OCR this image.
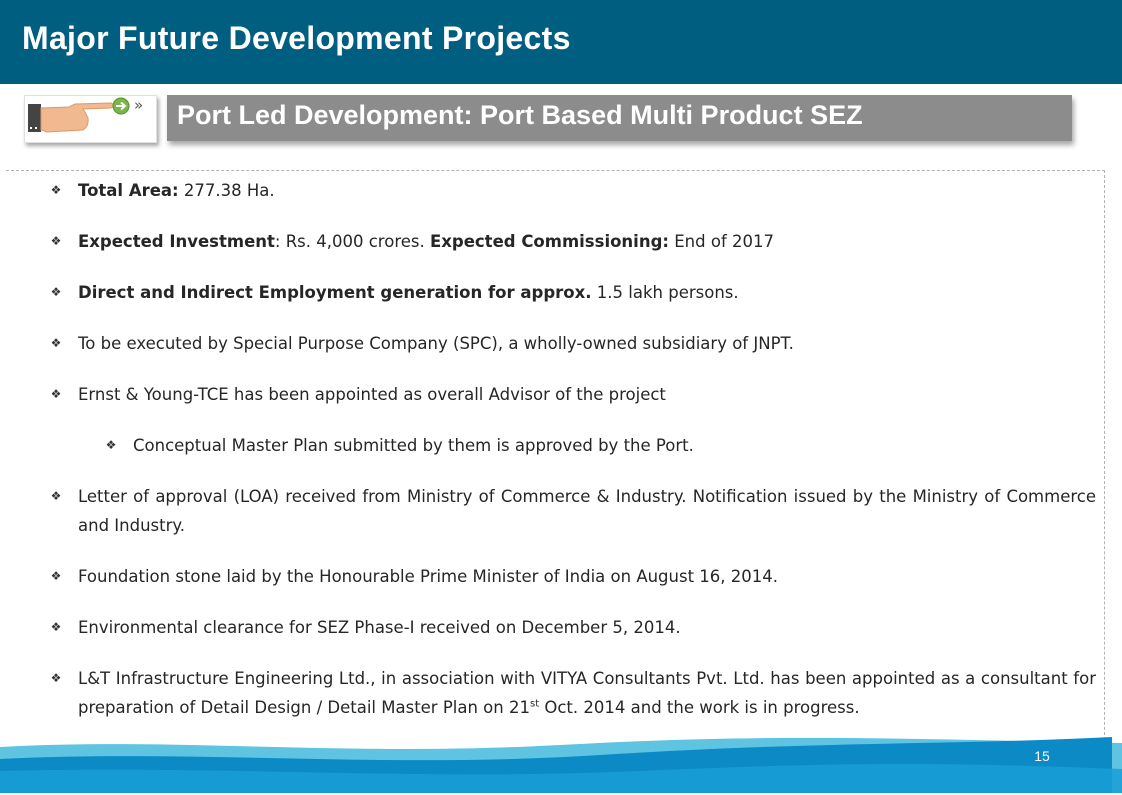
Major Future Development Projects
» Port Led Development: Port Based Multi Product SEZ
❖ Total Area: 277.38 Ha.
❖ Expected Investment: Rs. 4,000 crores. Expected Commissioning: End of 2017
❖ Direct and Indirect Employment generation for approx. 1.5 lakh persons.
❖ To be executed by Special Purpose Company (SPC), a wholly-owned subsidiary of JNPT.
❖ Ernst & Young-TCE has been appointed as overall Advisor of the project
❖ Conceptual Master Plan submitted by them is approved by the Port.
❖ Letter of approval (LOA) received from Ministry of Commerce & Industry. Notification issued by the Ministry of Commerce and Industry.
❖ Foundation stone laid by the Honourable Prime Minister of India on August 16, 2014.
❖ Environmental clearance for SEZ Phase-I received on December 5, 2014.
❖ L&T Infrastructure Engineering Ltd., in association with VITYA Consultants Pvt. Ltd. has been appointed as a consultant for preparation of Detail Design / Detail Master Plan on 21st Oct. 2014 and the work is in progress.
15
